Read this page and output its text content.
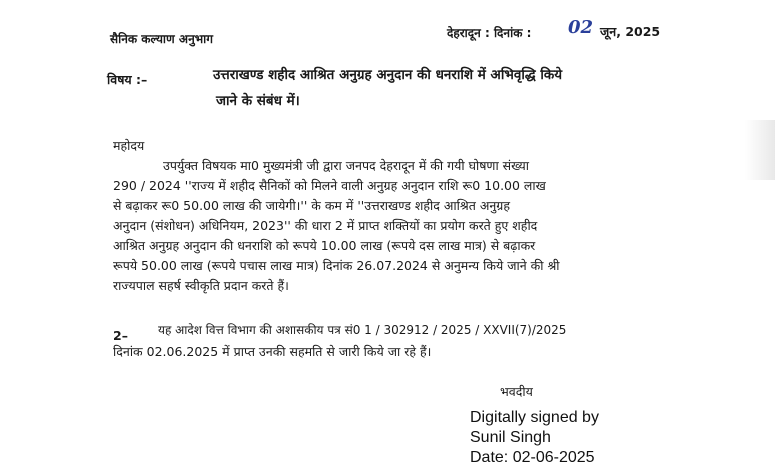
सैनिक कल्याण अनुभाग	देहरादून : दिनांक : 02 जून, 2025
विषय :–	उत्तराखण्ड शहीद आश्रित अनुग्रह अनुदान की धनराशि में अभिवृद्धि किये
जाने के संबंध में।
महोदय
उपर्युक्त विषयक मा0 मुख्यमंत्री जी द्वारा जनपद देहरादून में की गयी घोषणा संख्या
290 / 2024 ''राज्य में शहीद सैनिकों को मिलने वाली अनुग्रह अनुदान राशि रू0 10.00 लाख
से बढ़ाकर रू0 50.00 लाख की जायेगी।'' के कम में ''उत्तराखण्ड शहीद आश्रित अनुग्रह
अनुदान (संशोधन) अधिनियम, 2023'' की धारा 2 में प्राप्त शक्तियों का प्रयोग करते हुए शहीद
आश्रित अनुग्रह अनुदान की धनराशि को रूपये 10.00 लाख (रूपये दस लाख मात्र) से बढ़ाकर
रूपये 50.00 लाख (रूपये पचास लाख मात्र) दिनांक 26.07.2024 से अनुमन्य किये जाने की श्री
राज्यपाल सहर्ष स्वीकृति प्रदान करते हैं।
2–	यह आदेश वित्त विभाग की अशासकीय पत्र सं0 1 / 302912 / 2025 / XXVII(7)/2025
दिनांक 02.06.2025 में प्राप्त उनकी सहमति से जारी किये जा रहे हैं।
भवदीय
Digitally signed by
Sunil Singh
Date: 02-06-2025
